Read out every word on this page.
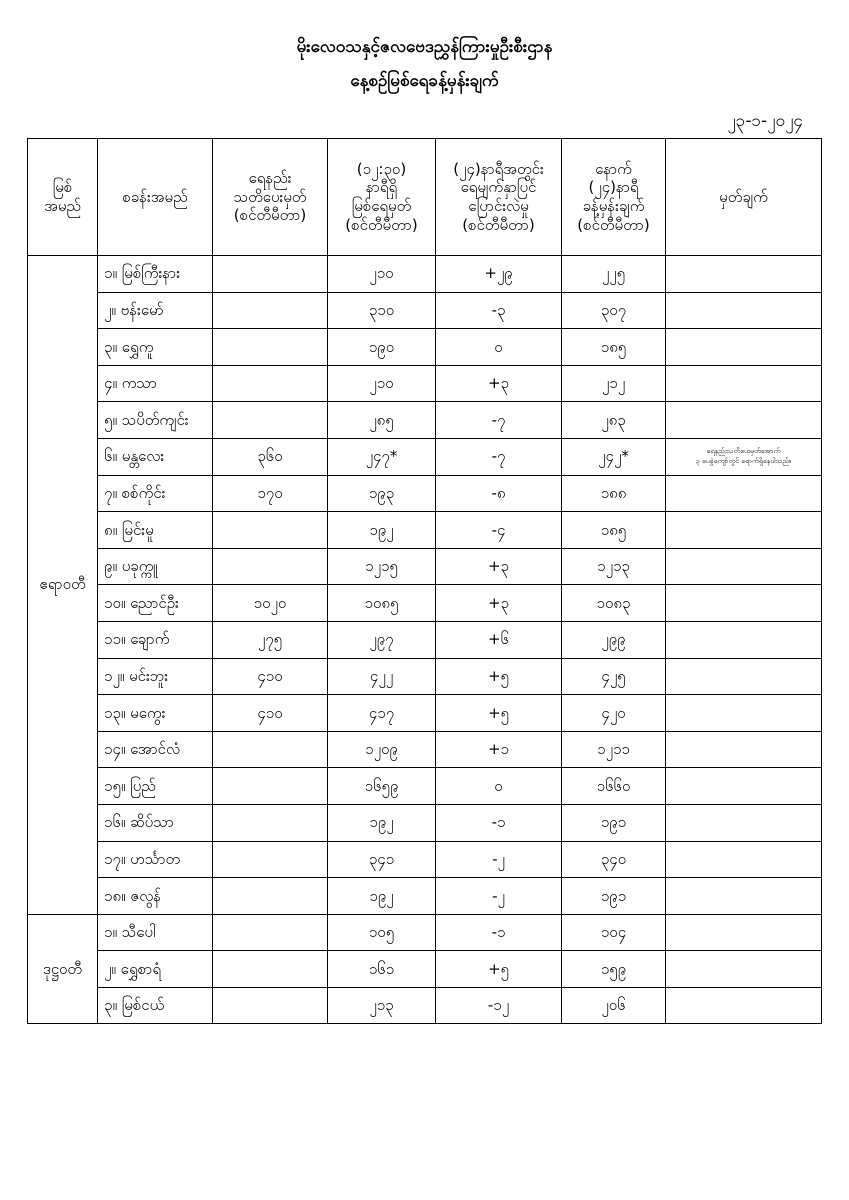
မိုးလေဝသနှင့်ဇလဗေဒညွှန်ကြားမှုဦးစီးဌာန
နေ့စဉ်မြစ်ရေခန့်မှန်းချက်
၂၃-၁-၂၀၂၄
မြစ်
အမည်	စခန်းအမည်	ရေနည်း
သတိပေးမှတ်
(စင်တီမီတာ)	(၁၂:၃၀)
နာရီရှိ
မြစ်ရေမှတ်
(စင်တီမီတာ)	(၂၄)နာရီအတွင်း
ရေမျက်နှာပြင်
ပြောင်းလဲမှု
(စင်တီမီတာ)	နောက်
(၂၄)နာရီ
ခန့်မှန်းချက်
(စင်တီမီတာ)	မှတ်ချက်
ဧရာဝတီ	၁။ မြစ်ကြီးနား		၂၁၀	+၂၉	၂၂၅	
	၂။ ဗန်းမော်		၃၁၀	-၃	၃၀၇	
	၃။ ရွှေကူ		၁၉၀	၀	၁၈၅	
	၄။ ကသာ		၂၁၀	+၃	၂၁၂	
	၅။ သပိတ်ကျင်း		၂၈၅	-၇	၂၈၃	
	၆။ မန္တလေး	၃၆၀	၂၄၇*	-၇	၂၄၂*	ရေနည်းသတိပေးမှတ်အောက်
၃ ပေခွဲကျော်တွင် ရောက်ရှိနေပါသည်။
	၇။ စစ်ကိုင်း	၁၇၀	၁၉၃	-၈	၁၈၈	
	၈။ မြင်းမူ		၁၉၂	-၄	၁၈၅	
	၉။ ပခုက္ကူ		၁၂၁၅	+၃	၁၂၁၃	
	၁၀။ ညောင်ဦး	၁၀၂၀	၁၀၈၅	+၃	၁၀၈၃	
	၁၁။ ချောက်	၂၇၅	၂၉၇	+၆	၂၉၉	
	၁၂။ မင်းဘူး	၄၁၀	၄၂၂	+၅	၄၂၅	
	၁၃။ မကွေး	၄၁၀	၄၁၇	+၅	၄၂၀	
	၁၄။ အောင်လံ		၁၂၀၉	+၁	၁၂၁၁	
	၁၅။ ပြည်		၁၆၅၉	၀	၁၆၆၀	
	၁၆။ ဆိပ်သာ		၁၉၂	-၁	၁၉၁	
	၁၇။ ဟင်္သာတ		၃၄၁	-၂	၃၄၀	
	၁၈။ ဇလွန်		၁၉၂	-၂	၁၉၁	
ဒုဋ္ဌဝတီ	၁။ သီပေါ		၁၀၅	-၁	၁၀၄	
	၂။ ရွှေစာရံ		၁၆၁	+၅	၁၅၉	
	၃။ မြစ်ငယ်		၂၁၃	-၁၂	၂၀၆	
